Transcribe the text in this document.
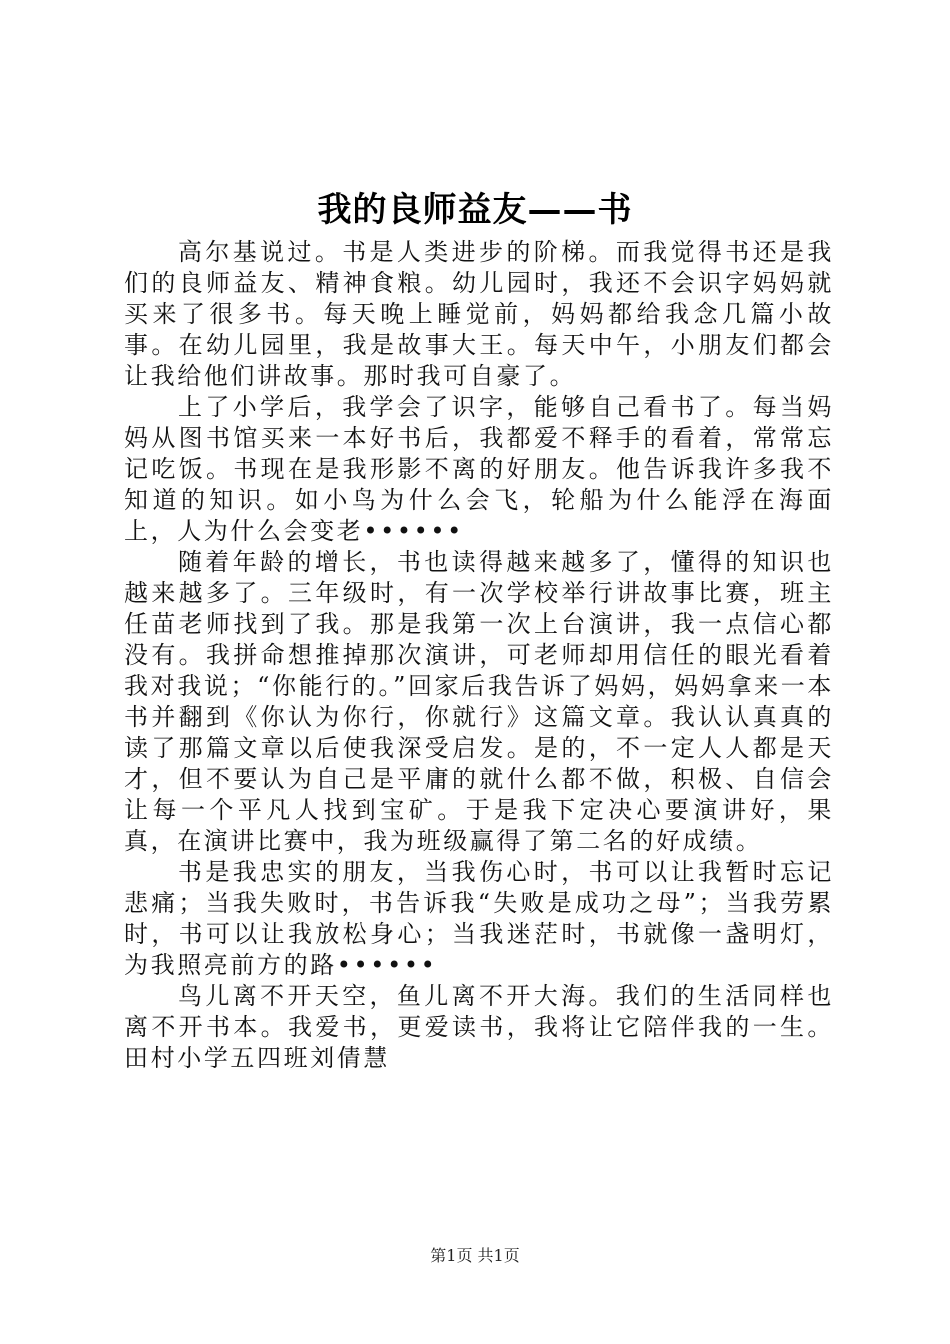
我的良师益友——书

高尔基说过。书是人类进步的阶梯。而我觉得书还是我们的良师益友、精神食粮。幼儿园时，我还不会识字妈妈就买来了很多书。每天晚上睡觉前，妈妈都给我念几篇小故事。在幼儿园里，我是故事大王。每天中午，小朋友们都会让我给他们讲故事。那时我可自豪了。

上了小学后，我学会了识字，能够自己看书了。每当妈妈从图书馆买来一本好书后，我都爱不释手的看着，常常忘记吃饭。书现在是我形影不离的好朋友。他告诉我许多我不知道的知识。如小鸟为什么会飞，轮船为什么能浮在海面上，人为什么会变老••••••

随着年龄的增长，书也读得越来越多了，懂得的知识也越来越多了。三年级时，有一次学校举行讲故事比赛，班主任苗老师找到了我。那是我第一次上台演讲，我一点信心都没有。我拼命想推掉那次演讲，可老师却用信任的眼光看着我对我说；“你能行的。”回家后我告诉了妈妈，妈妈拿来一本书并翻到《你认为你行，你就行》这篇文章。我认认真真的读了那篇文章以后使我深受启发。是的，不一定人人都是天才，但不要认为自己是平庸的就什么都不做，积极、自信会让每一个平凡人找到宝矿。于是我下定决心要演讲好，果真，在演讲比赛中，我为班级赢得了第二名的好成绩。

书是我忠实的朋友，当我伤心时，书可以让我暂时忘记悲痛；当我失败时，书告诉我“失败是成功之母”；当我劳累时，书可以让我放松身心；当我迷茫时，书就像一盏明灯，为我照亮前方的路••••••

鸟儿离不开天空，鱼儿离不开大海。我们的生活同样也离不开书本。我爱书，更爱读书，我将让它陪伴我的一生。田村小学五四班刘倩慧

第1页 共1页
